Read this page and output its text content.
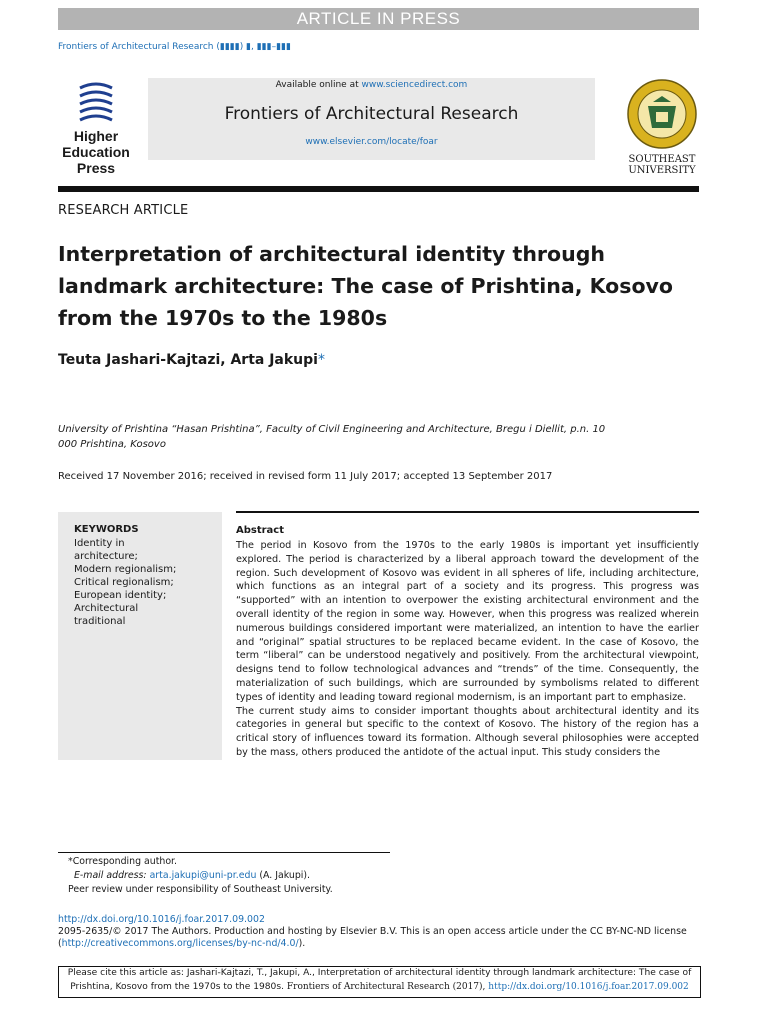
ARTICLE IN PRESS
Frontiers of Architectural Research (▮▮▮▮) ▮, ▮▮▮–▮▮▮
Higher
Education
Press
Available online at www.sciencedirect.com
Frontiers of Architectural Research
www.elsevier.com/locate/foar
SOUTHEAST
UNIVERSITY
RESEARCH ARTICLE
Interpretation of architectural identity through landmark architecture: The case of Prishtina, Kosovo from the 1970s to the 1980s
Teuta Jashari-Kajtazi, Arta Jakupi*
University of Prishtina “Hasan Prishtina”, Faculty of Civil Engineering and Architecture, Bregu i Diellit, p.n. 10 000 Prishtina, Kosovo
Received 17 November 2016; received in revised form 11 July 2017; accepted 13 September 2017
KEYWORDS
Identity in architecture;
Modern regionalism;
Critical regionalism;
European identity;
Architectural traditional
Abstract

The period in Kosovo from the 1970s to the early 1980s is important yet insufficiently explored. The period is characterized by a liberal approach toward the development of the region. Such development of Kosovo was evident in all spheres of life, including architecture, which functions as an integral part of a society and its progress. This progress was “supported” with an intention to overpower the existing architectural environment and the overall identity of the region in some way. However, when this progress was realized wherein numerous buildings considered important were materialized, an intention to have the earlier and “original” spatial structures to be replaced became evident. In the case of Kosovo, the term “liberal” can be understood negatively and positively. From the architectural viewpoint, designs tend to follow technological advances and “trends” of the time. Consequently, the materialization of such buildings, which are surrounded by symbolisms related to different types of identity and leading toward regional modernism, is an important part to emphasize.

The current study aims to consider important thoughts about architectural identity and its categories in general but specific to the context of Kosovo. The history of the region has a critical story of influences toward its formation. Although several philosophies were accepted by the mass, others produced the antidote of the actual input. This study considers the

*Corresponding author.
E-mail address: arta.jakupi@uni-pr.edu (A. Jakupi).
Peer review under responsibility of Southeast University.
http://dx.doi.org/10.1016/j.foar.2017.09.002
2095-2635/© 2017 The Authors. Production and hosting by Elsevier B.V. This is an open access article under the CC BY-NC-ND license
(http://creativecommons.org/licenses/by-nc-nd/4.0/).
Please cite this article as: Jashari-Kajtazi, T., Jakupi, A., Interpretation of architectural identity through landmark architecture: The case of Prishtina, Kosovo from the 1970s to the 1980s. Frontiers of Architectural Research (2017), http://dx.doi.org/10.1016/j.foar.2017.09.002
